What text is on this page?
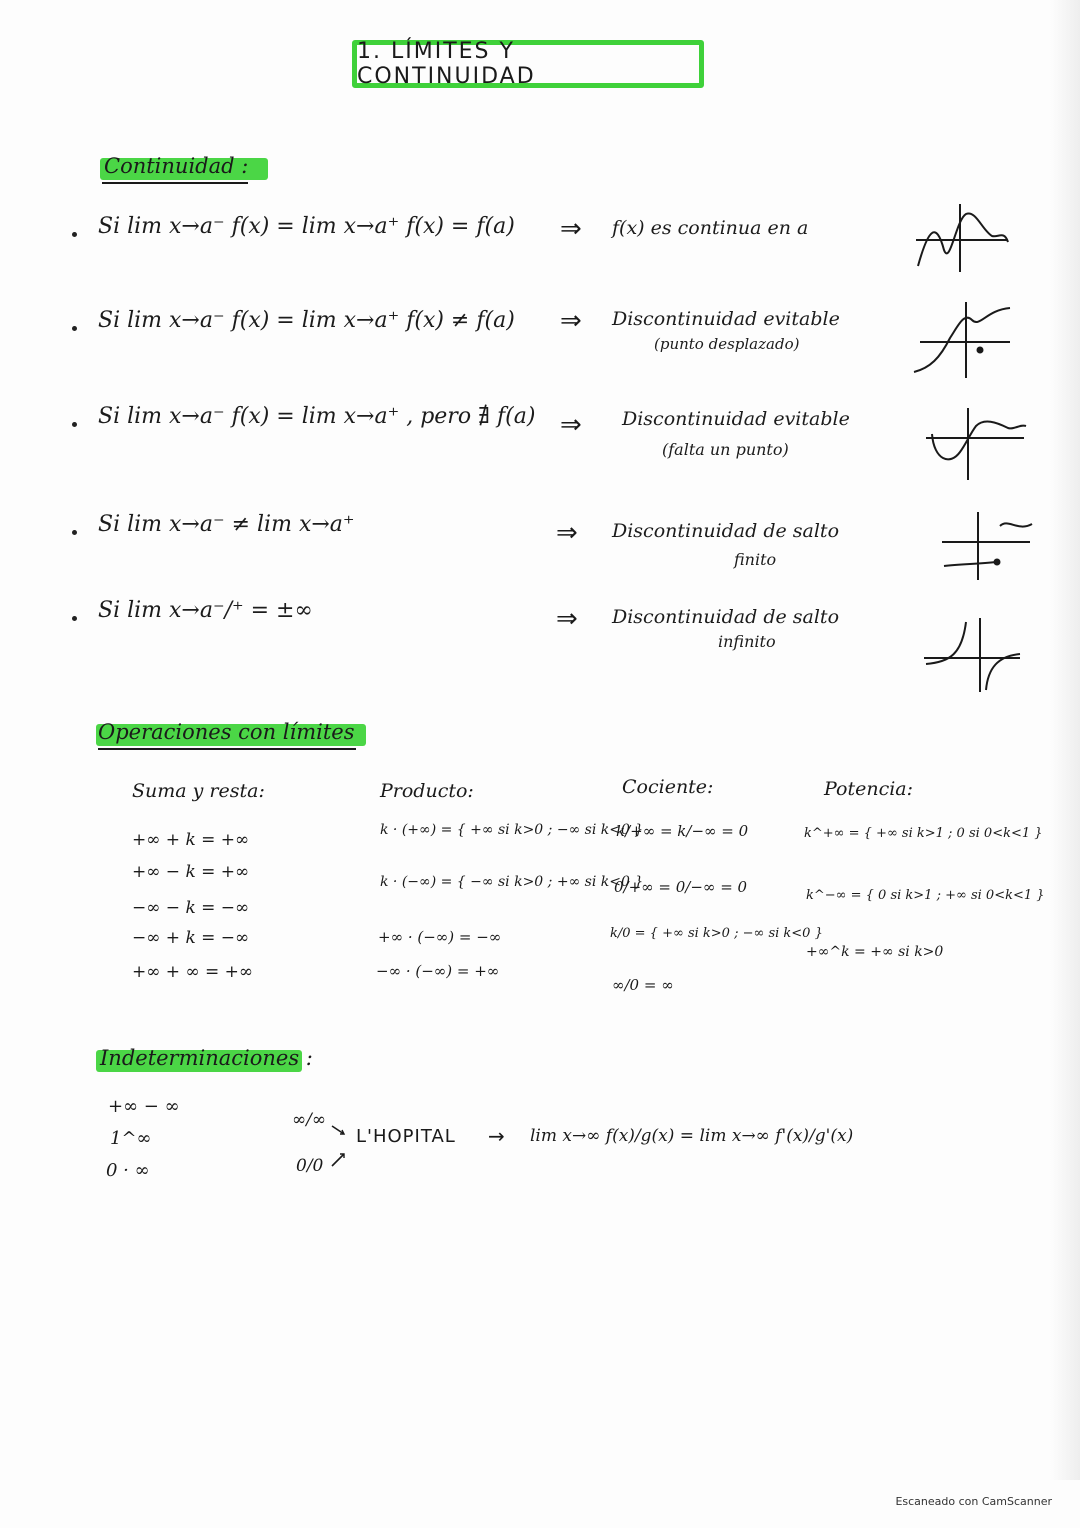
1. LÍMITES Y CONTINUIDAD
Continuidad :
Si lim x→a⁻ f(x) = lim x→a⁺ f(x) = f(a)	f(x) es continua en a
⇒
Si lim x→a⁻ f(x) = lim x→a⁺ f(x) ≠ f(a) ⇒ Discontinuidad evitable
(punto desplazado)
Si lim x→a⁻ f(x) = lim x→a⁺ , pero ∄ f(a) ⇒ Discontinuidad evitable
(falta un punto)
Si lim x→a⁻ ≠ lim x→a⁺	⇒ Discontinuidad de salto
finito
Si lim x→a⁻/⁺ = ±∞	⇒ Discontinuidad de salto
infinito
Operaciones con límites
Suma y resta:
+∞ + k = +∞
+∞ − k = +∞
−∞ − k = −∞
−∞ + k = −∞
+∞ + ∞ = +∞
Producto:
k · (+∞) = { +∞ si k>0 ; −∞ si k<0 }
k · (−∞) = { −∞ si k>0 ; +∞ si k<0 }
+∞ · (−∞) = −∞
−∞ · (−∞) = +∞
Cociente:
k/+∞ = k/−∞ = 0
0/+∞ = 0/−∞ = 0
k/0 = { +∞ si k>0 ; −∞ si k<0 }
∞/0 = ∞
Potencia:
k^+∞ = { +∞ si k>1 ; 0 si 0<k<1 }
k^−∞ = { 0 si k>1 ; +∞ si 0<k<1 }
+∞^k = +∞ si k>0
Indeterminaciones :
+∞ − ∞
1^∞
0 · ∞
∞/∞
0/0
L'HOPITAL → lim x→∞ f(x)/g(x) = lim x→∞ f'(x)/g'(x)
Escaneado con CamScanner
